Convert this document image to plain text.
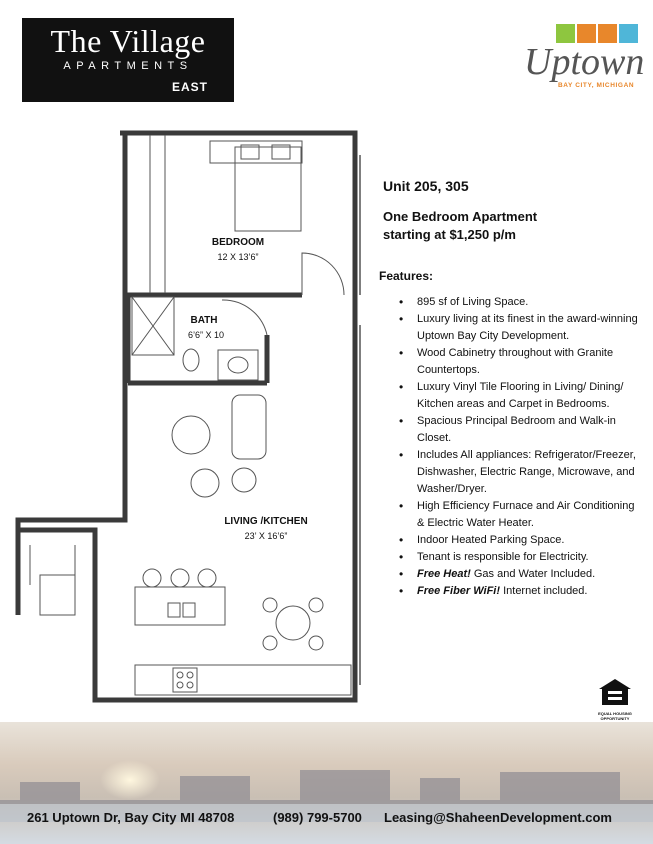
The Village
APARTMENTS
EAST
Uptown
BAY CITY, MICHIGAN
BEDROOM
12 X 13’6”
BATH
6’6” X 10
LIVING /KITCHEN
23’ X 16’6”
Unit 205, 305
One Bedroom Apartment
starting at $1,250 p/m
Features:
• 895 sf of Living Space.
• Luxury living at its finest in the award-winning Uptown Bay City Development.
• Wood Cabinetry throughout with Granite Countertops.
• Luxury Vinyl Tile Flooring in Living/ Dining/ Kitchen areas and Carpet in Bedrooms.
• Spacious Principal Bedroom and Walk-in Closet.
• Includes All appliances: Refrigerator/Freezer, Dishwasher, Electric Range, Microwave, and Washer/Dryer.
• High Efficiency Furnace and Air Conditioning & Electric Water Heater.
• Indoor Heated Parking Space.
• Tenant is responsible for Electricity.
• Free Heat! Gas and Water Included.
• Free Fiber WiFi! Internet included.
EQUAL HOUSING
OPPORTUNITY
261 Uptown Dr, Bay City MI 48708	(989) 799-5700 Leasing@ShaheenDevelopment.com
